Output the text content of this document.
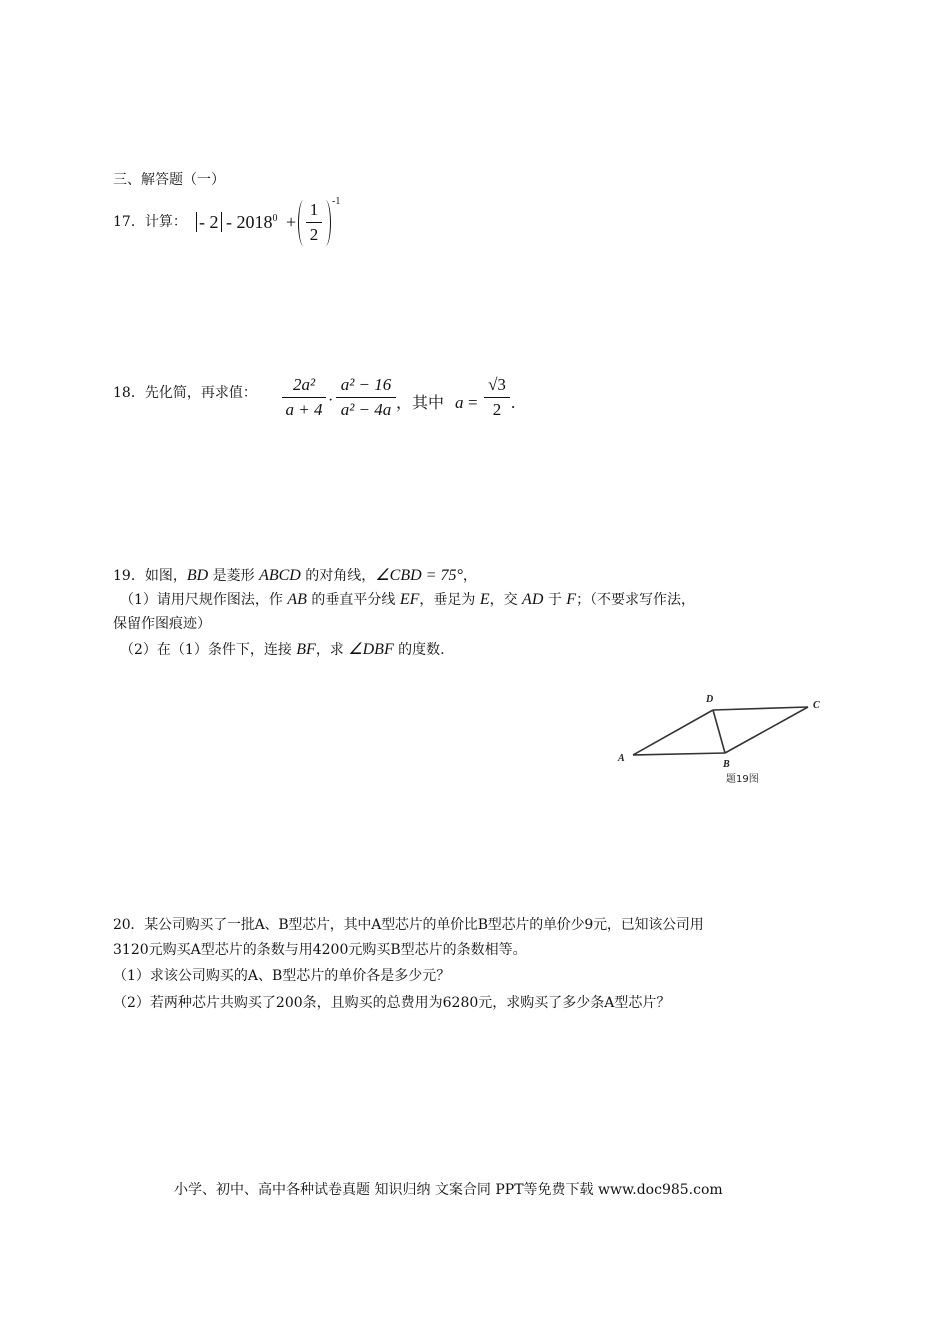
三、解答题（一）
17．计算： - $2 - 2018^0$ +
1
2
-1
18．先化简，再求值：	2a²
a + 4 ·
a² − 16
a² − 4a ，其中 a =
√3
2 .
19．如图，BD 是菱形 ABCD 的对角线，∠CBD = 75°，
（1）请用尺规作图法，作 AB 的垂直平分线 EF，垂足为 E，交 AD 于 F；（不要求写作法，
保留作图痕迹）
（2）在（1）条件下，连接 BF，求 ∠DBF 的度数.
A
D
C
B
题19图
20．某公司购买了一批A、B型芯片，其中A型芯片的单价比B型芯片的单价少9元，已知该公司用
3120元购买A型芯片的条数与用4200元购买B型芯片的条数相等。
（1）求该公司购买的A、B型芯片的单价各是多少元？
（2）若两种芯片共购买了200条，且购买的总费用为6280元，求购买了多少条A型芯片？
小学、初中、高中各种试卷真题 知识归纳 文案合同 PPT等免费下载 www.doc985.com
